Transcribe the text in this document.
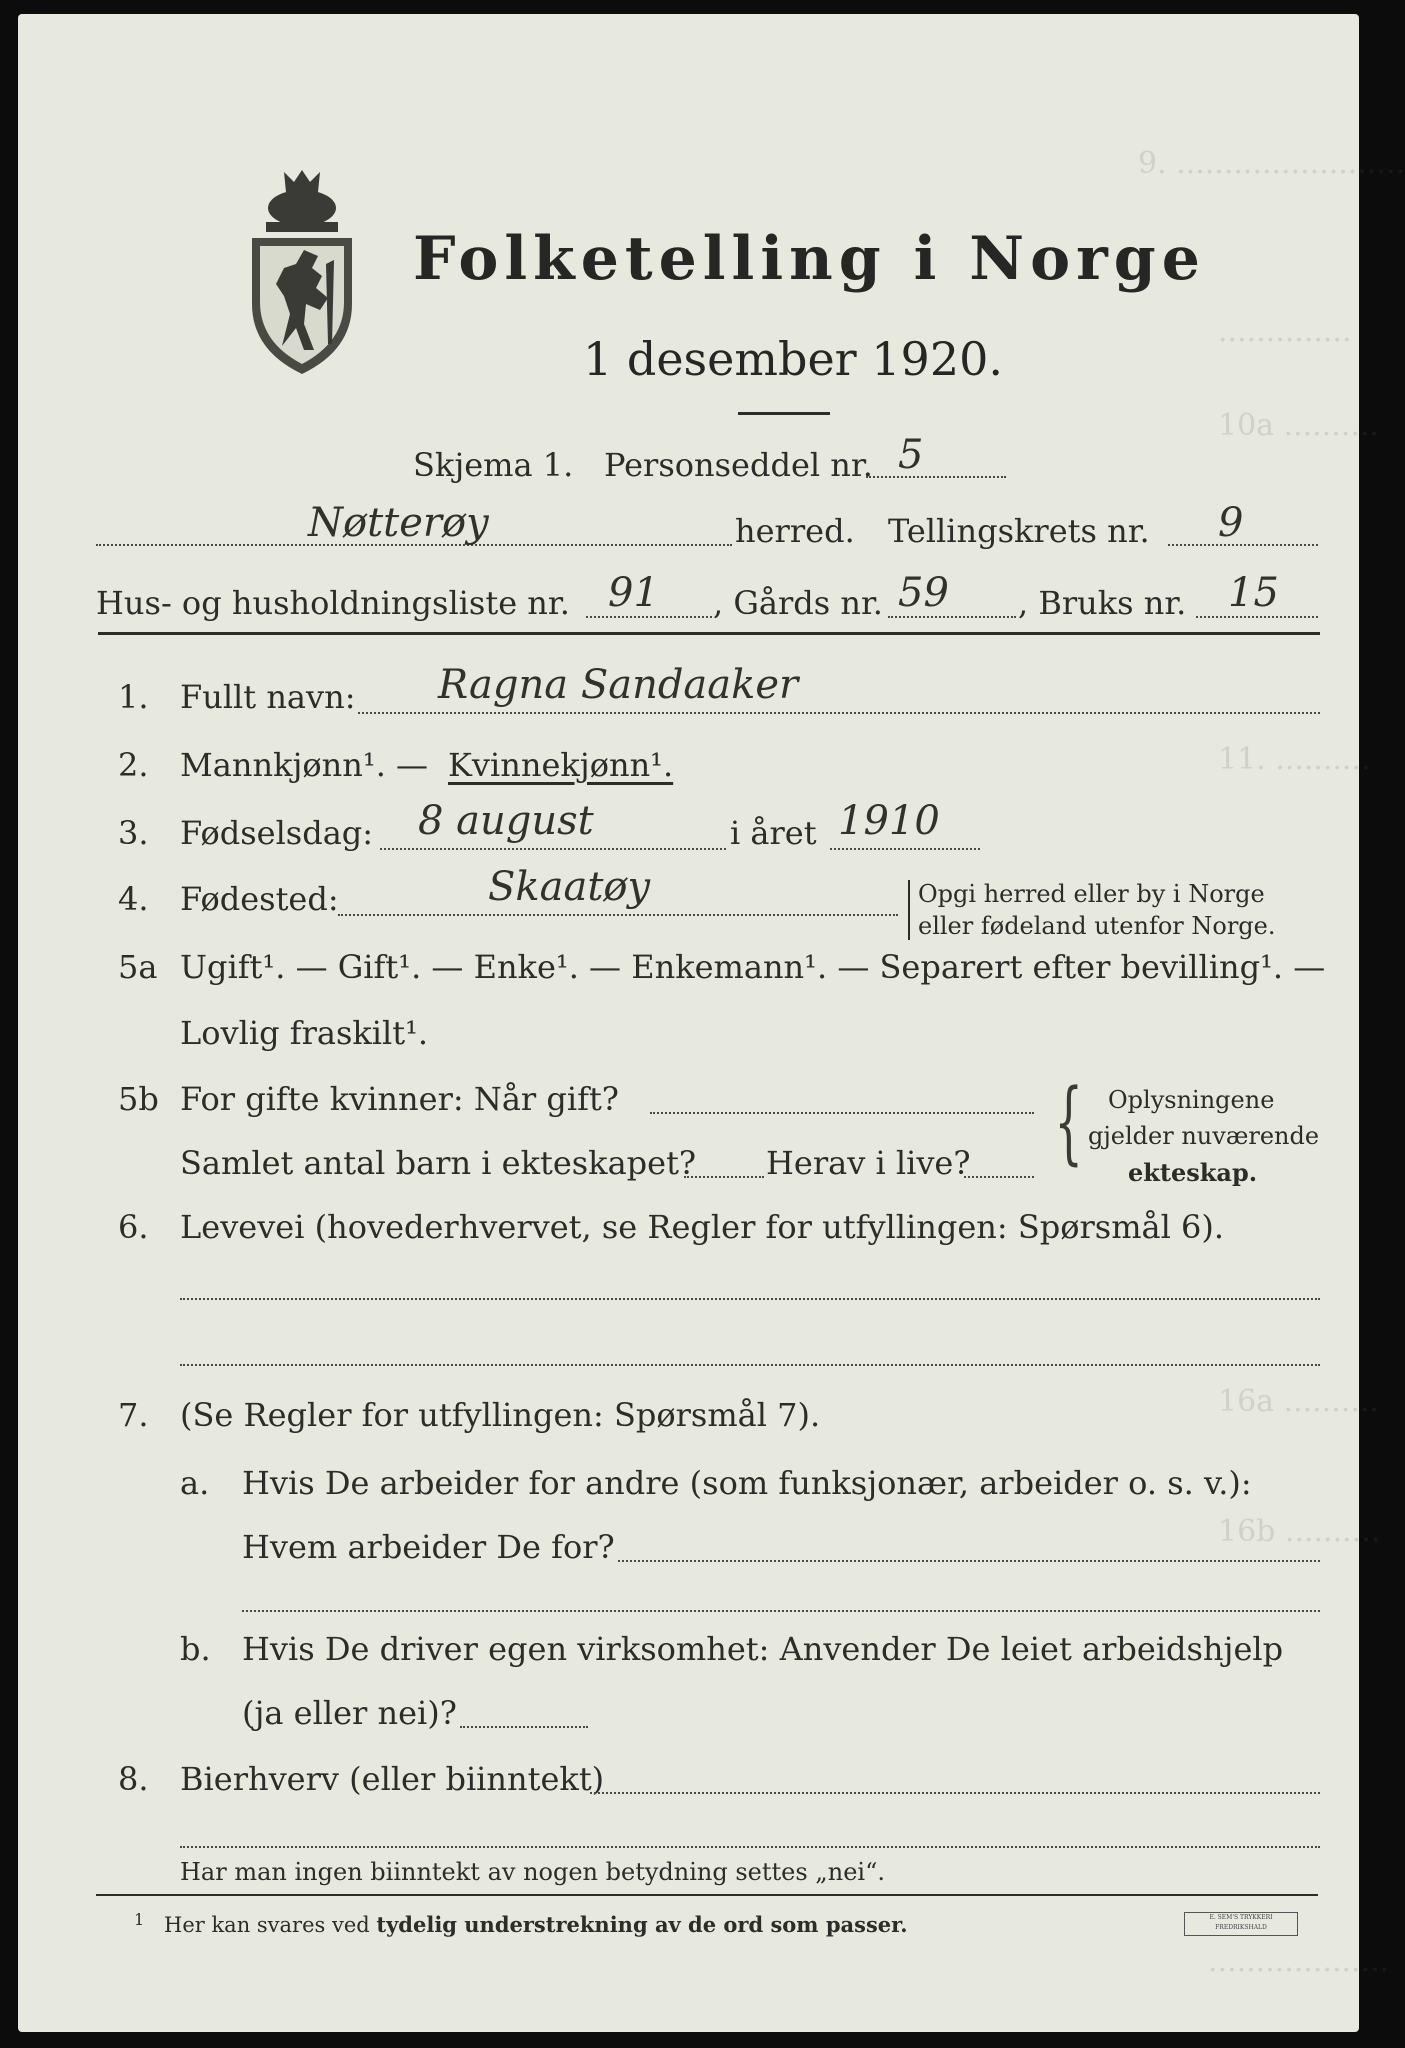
9. ........................
..............
10a ..........
11. ..........
16a ..........
16b ..........
...................
Folketelling i Norge
1 desember 1920.
Skjema 1. Personseddel nr. 5
Nøtterøy	herred. Tellingskrets nr. 9
Hus- og husholdningsliste nr. 91 , Gårds nr. 59 , Bruks nr. 15
1. Fullt navn: Ragna Sandaaker
2. Mannkjønn¹. — Kvinnekjønn¹.
3. Fødselsdag: 8 august	i året 1910
4. Fødested:	Skaatøy	Opgi herred eller by i Norge
eller fødeland utenfor Norge.
5a Ugift¹. — Gift¹. — Enke¹. — Enkemann¹. — Separert efter bevilling¹. —
Lovlig fraskilt¹.
5b For gifte kvinner: Når gift?
Samlet antal barn i ekteskapet? Herav i live? { Oplysningene
gjelder nuværende
ekteskap.
6. Levevei (hovederhvervet, se Regler for utfyllingen: Spørsmål 6).
7. (Se Regler for utfyllingen: Spørsmål 7).
a. Hvis De arbeider for andre (som funksjonær, arbeider o. s. v.):
Hvem arbeider De for?
b. Hvis De driver egen virksomhet: Anvender De leiet arbeidshjelp
(ja eller nei)?
8. Bierhverv (eller biinntekt)
Har man ingen biinntekt av nogen betydning settes „nei“.
1 Her kan svares ved tydelig understrekning av de ord som passer.	E. SEM'S TRYKKERI FREDRIKSHALD
